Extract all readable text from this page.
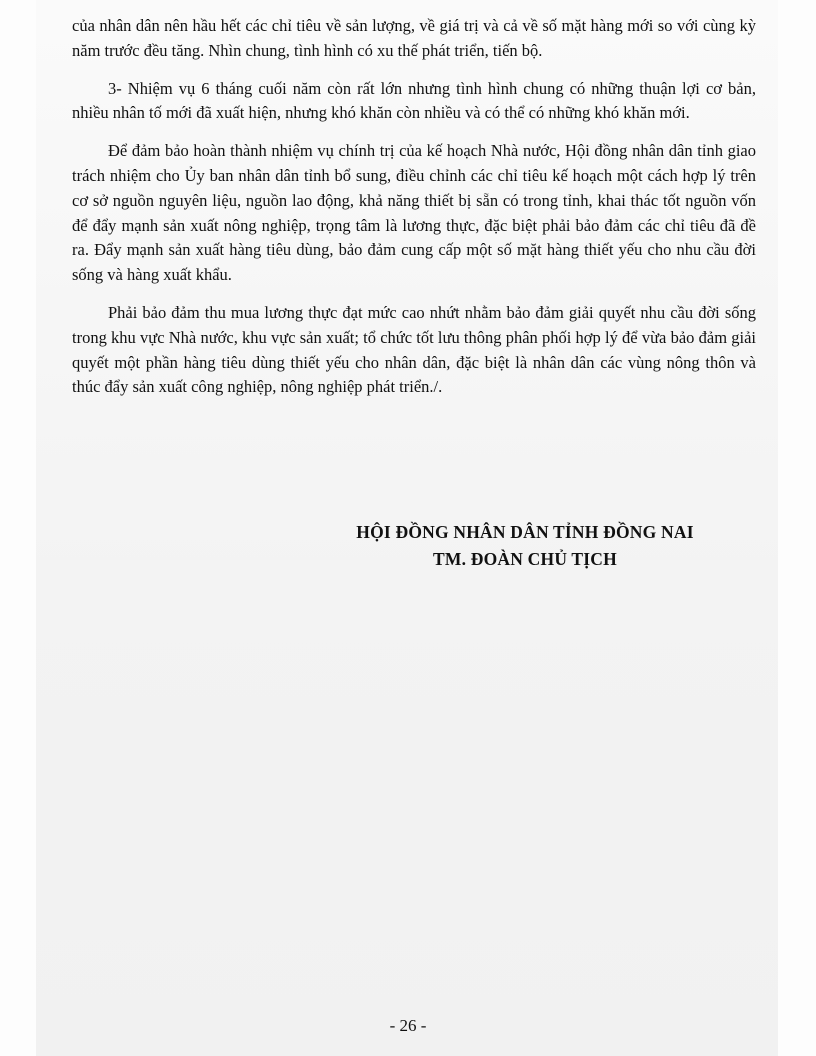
của nhân dân nên hầu hết các chỉ tiêu về sản lượng, về giá trị và cả về số mặt hàng mới so với cùng kỳ năm trước đều tăng. Nhìn chung, tình hình có xu thế phát triển, tiến bộ.

3- Nhiệm vụ 6 tháng cuối năm còn rất lớn nhưng tình hình chung có những thuận lợi cơ bản, nhiều nhân tố mới đã xuất hiện, nhưng khó khăn còn nhiều và có thể có những khó khăn mới.

Để đảm bảo hoàn thành nhiệm vụ chính trị của kế hoạch Nhà nước, Hội đồng nhân dân tỉnh giao trách nhiệm cho Ủy ban nhân dân tỉnh bổ sung, điều chỉnh các chỉ tiêu kế hoạch một cách hợp lý trên cơ sở nguồn nguyên liệu, nguồn lao động, khả năng thiết bị sẵn có trong tỉnh, khai thác tốt nguồn vốn để đẩy mạnh sản xuất nông nghiệp, trọng tâm là lương thực, đặc biệt phải bảo đảm các chỉ tiêu đã đề ra. Đẩy mạnh sản xuất hàng tiêu dùng, bảo đảm cung cấp một số mặt hàng thiết yếu cho nhu cầu đời sống và hàng xuất khẩu.

Phải bảo đảm thu mua lương thực đạt mức cao nhứt nhằm bảo đảm giải quyết nhu cầu đời sống trong khu vực Nhà nước, khu vực sản xuất; tổ chức tốt lưu thông phân phối hợp lý để vừa bảo đảm giải quyết một phần hàng tiêu dùng thiết yếu cho nhân dân, đặc biệt là nhân dân các vùng nông thôn và thúc đẩy sản xuất công nghiệp, nông nghiệp phát triển./.

HỘI ĐỒNG NHÂN DÂN TỈNH ĐỒNG NAI
TM. ĐOÀN CHỦ TỊCH
- 26 -
